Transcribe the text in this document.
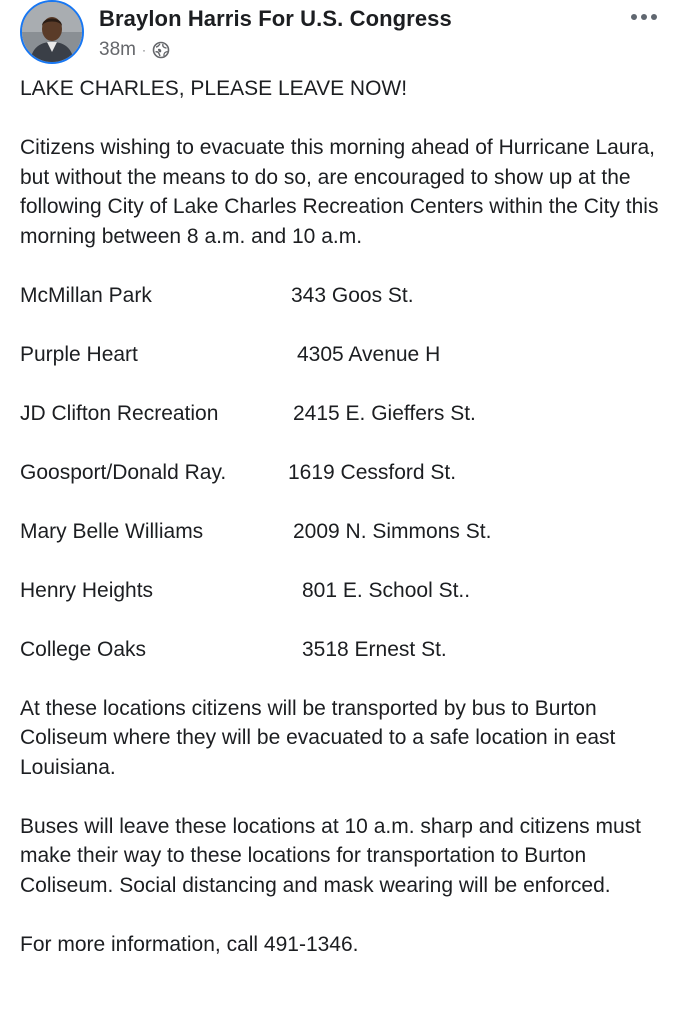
Braylon Harris For U.S. Congress
38m ·

LAKE CHARLES, PLEASE LEAVE NOW!

Citizens wishing to evacuate this morning ahead of Hurricane Laura, but without the means to do so, are encouraged to show up at the following City of Lake Charles Recreation Centers within the City this morning between 8 a.m. and 10 a.m.

McMillan Park	343 Goos St.
Purple Heart	4305 Avenue H
JD Clifton Recreation	2415 E. Gieffers St.
Goosport/Donald Ray.	1619 Cessford St.
Mary Belle Williams	2009 N. Simmons St.
Henry Heights	801 E. School St..
College Oaks	3518 Ernest St.

At these locations citizens will be transported by bus to Burton Coliseum where they will be evacuated to a safe location in east Louisiana.

Buses will leave these locations at 10 a.m. sharp and citizens must make their way to these locations for transportation to Burton Coliseum. Social distancing and mask wearing will be enforced.

For more information, call 491-1346.
